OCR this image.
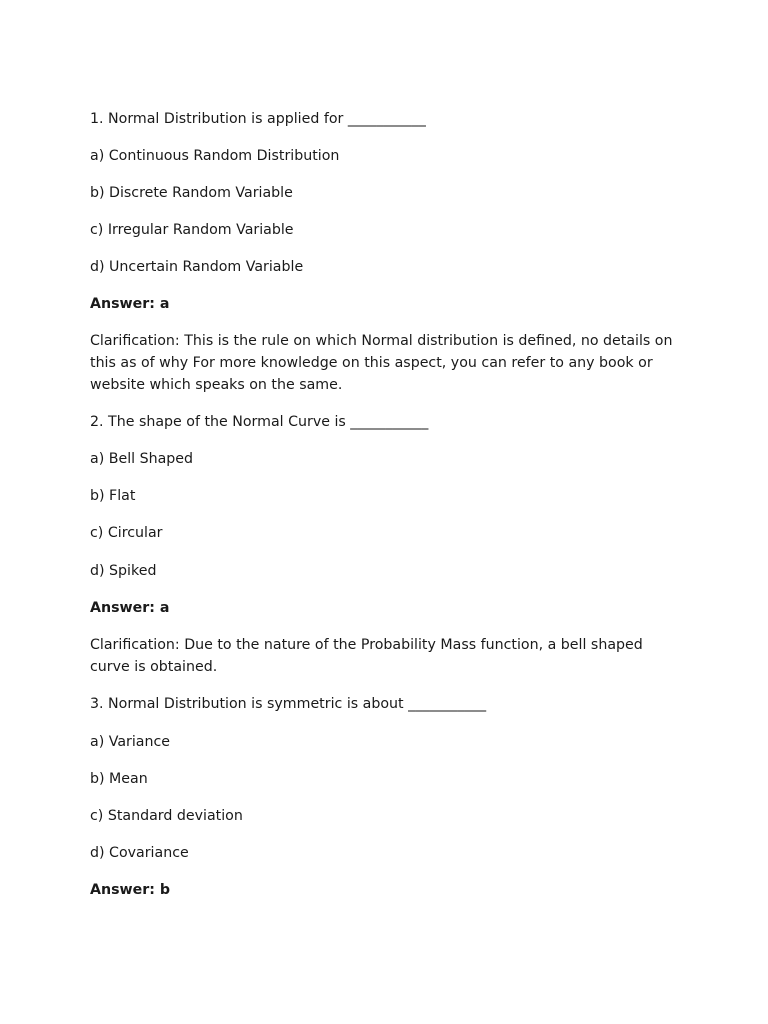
1. Normal Distribution is applied for ___________
a) Continuous Random Distribution
b) Discrete Random Variable
c) Irregular Random Variable
d) Uncertain Random Variable
Answer: a
Clarification: This is the rule on which Normal distribution is defined, no details on this as of why For more knowledge on this aspect, you can refer to any book or website which speaks on the same.
2. The shape of the Normal Curve is ___________
a) Bell Shaped
b) Flat
c) Circular
d) Spiked
Answer: a
Clarification: Due to the nature of the Probability Mass function, a bell shaped curve is obtained.
3. Normal Distribution is symmetric is about ___________
a) Variance
b) Mean
c) Standard deviation
d) Covariance
Answer: b
